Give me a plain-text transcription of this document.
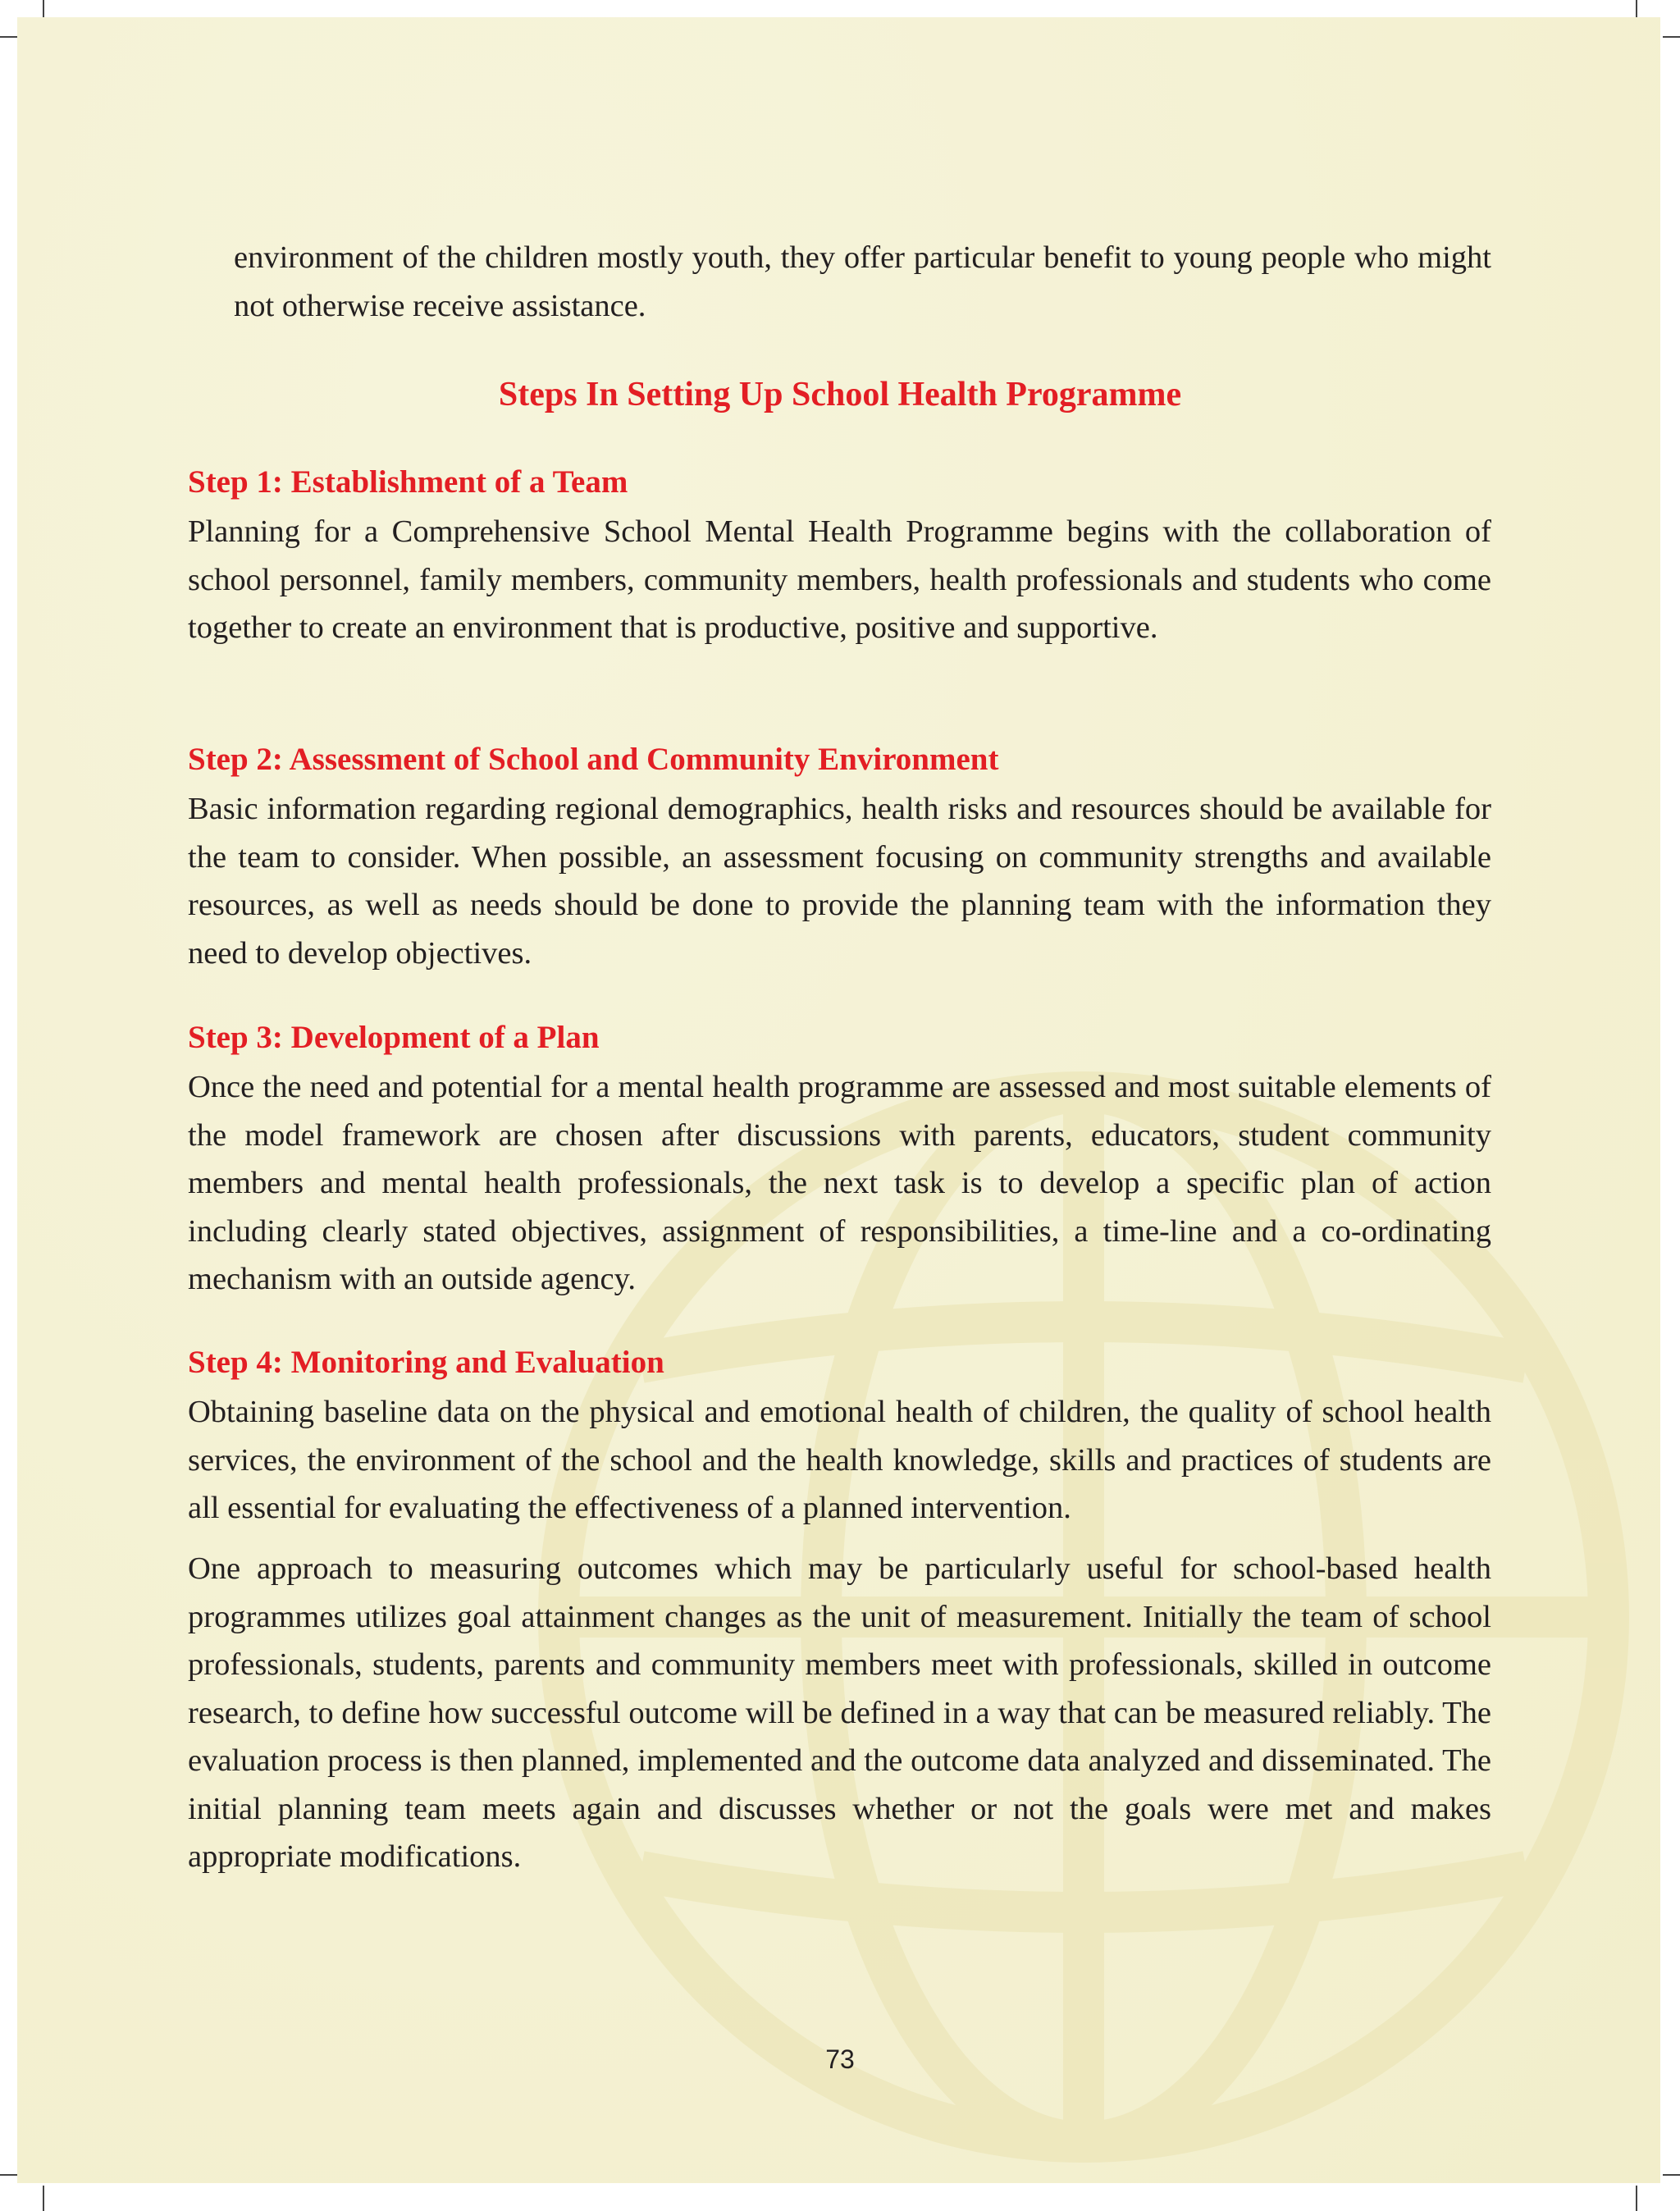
environment of the children mostly youth, they offer particular benefit to young people who might not otherwise receive assistance.
Steps In Setting Up School Health Programme
Step 1: Establishment of a Team
Planning for a Comprehensive School Mental Health Programme begins with the collaboration of school personnel, family members, community members, health professionals and students who come together to create an environment that is productive, positive and supportive.
Step 2: Assessment of School and Community Environment
Basic information regarding regional demographics, health risks and resources should be available for the team to consider. When possible, an assessment focusing on community strengths and available resources, as well as needs should be done to provide the planning team with the information they need to develop objectives.
Step 3: Development of a Plan
Once the need and potential for a mental health programme are assessed and most suitable elements of the model framework are chosen after discussions with parents, educators, student community members and mental health professionals, the next task is to develop a specific plan of action including clearly stated objectives, assignment of responsibilities, a time-line and a co-ordinating mechanism with an outside agency.
Step 4: Monitoring and Evaluation
Obtaining baseline data on the physical and emotional health of children, the quality of school health services, the environment of the school and the health knowledge, skills and practices of students are all essential for evaluating the effectiveness of a planned intervention.
One approach to measuring outcomes which may be particularly useful for school-based health programmes utilizes goal attainment changes as the unit of measurement. Initially the team of school professionals, students, parents and community members meet with professionals, skilled in outcome research, to define how successful outcome will be defined in a way that can be measured reliably. The evaluation process is then planned, implemented and the outcome data analyzed and disseminated. The initial planning team meets again and discusses whether or not the goals were met and makes appropriate modifications.
73
